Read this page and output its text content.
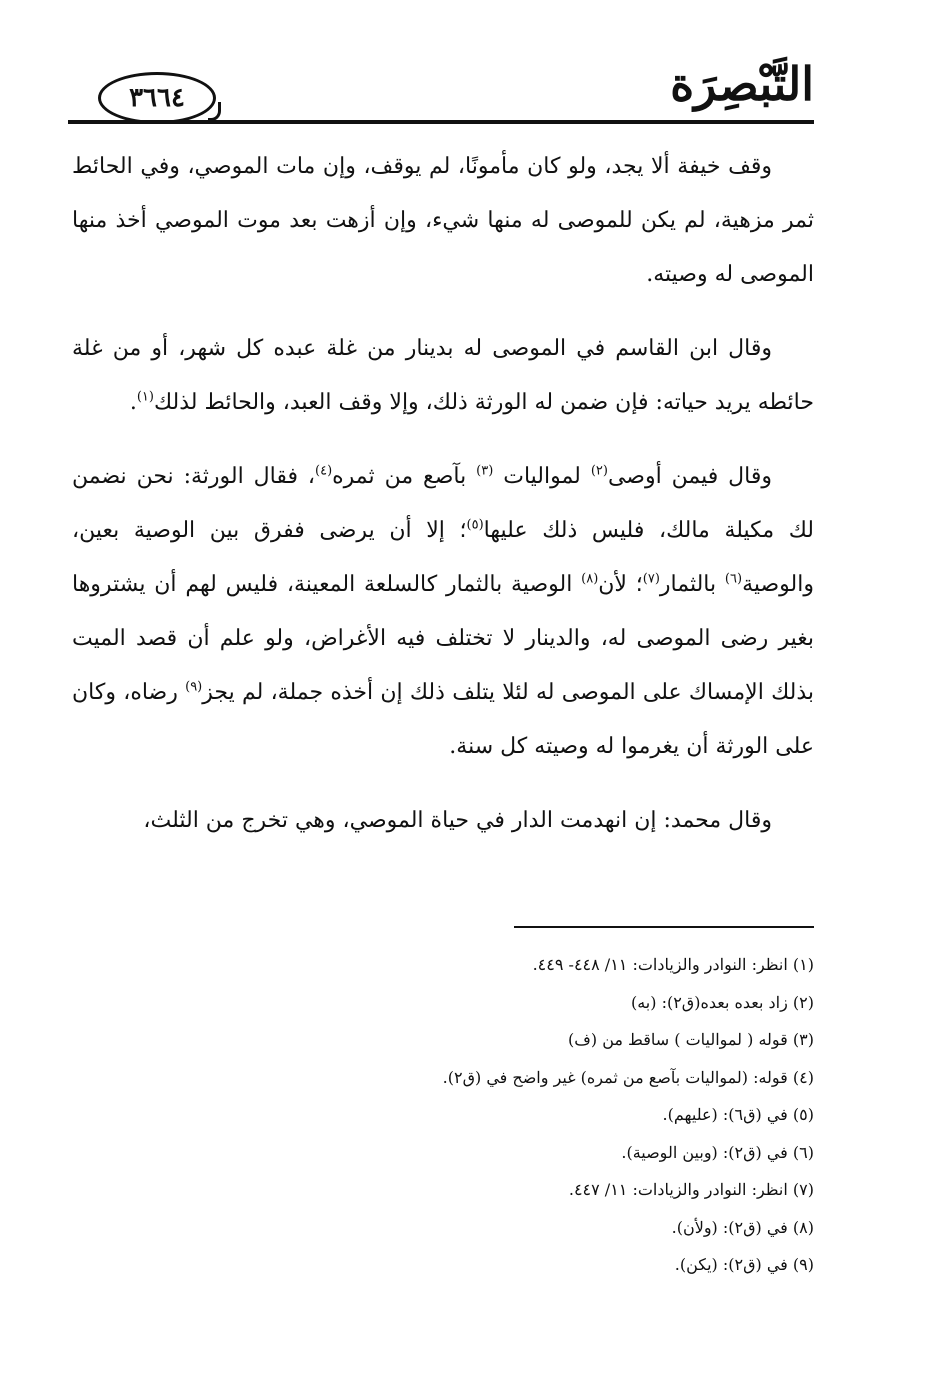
التَّبْصِرَة
٣٦٦٤

وقف خيفة ألا يجد، ولو كان مأمونًا، لم يوقف، وإن مات الموصي، وفي الحائط ثمر مزهية، لم يكن للموصى له منها شيء، وإن أزهت بعد موت الموصي أخذ منها الموصى له وصيته.

وقال ابن القاسم في الموصى له بدينار من غلة عبده كل شهر، أو من غلة حائطه يريد حياته: فإن ضمن له الورثة ذلك، وإلا وقف العبد، والحائط لذلك$^{(١)}$.

وقال فيمن أوصى$^{(٢)}$ لمواليات $^{(٣)}$ بآصع من ثمره$^{(٤)}$، فقال الورثة: نحن نضمن لك مكيلة مالك، فليس ذلك عليها$^{(٥)}$؛ إلا أن يرضى ففرق بين الوصية بعين، والوصية$^{(٦)}$ بالثمار$^{(٧)}$؛ لأن$^{(٨)}$ الوصية بالثمار كالسلعة المعينة، فليس لهم أن يشتروها بغير رضى الموصى له، والدينار لا تختلف فيه الأغراض، ولو علم أن قصد الميت بذلك الإمساك على الموصى له لئلا يتلف ذلك إن أخذه جملة، لم يجز$^{(٩)}$ رضاه، وكان على الورثة أن يغرموا له وصيته كل سنة.

وقال محمد: إن انهدمت الدار في حياة الموصي، وهي تخرج من الثلث،

(١) انظر: النوادر والزيادات: ١١/ ٤٤٨- ٤٤٩.
(٢) زاد بعده بعده(ق٢): (به)
(٣) قوله ( لمواليات ) ساقط من (ف)
(٤) قوله: (لمواليات بآصع من ثمره) غير واضح في (ق٢).
(٥) في (ق٦): (عليهم).
(٦) في (ق٢): (وبين الوصية).
(٧) انظر: النوادر والزيادات: ١١/ ٤٤٧.
(٨) في (ق٢): (ولأن).
(٩) في (ق٢): (يكن).
